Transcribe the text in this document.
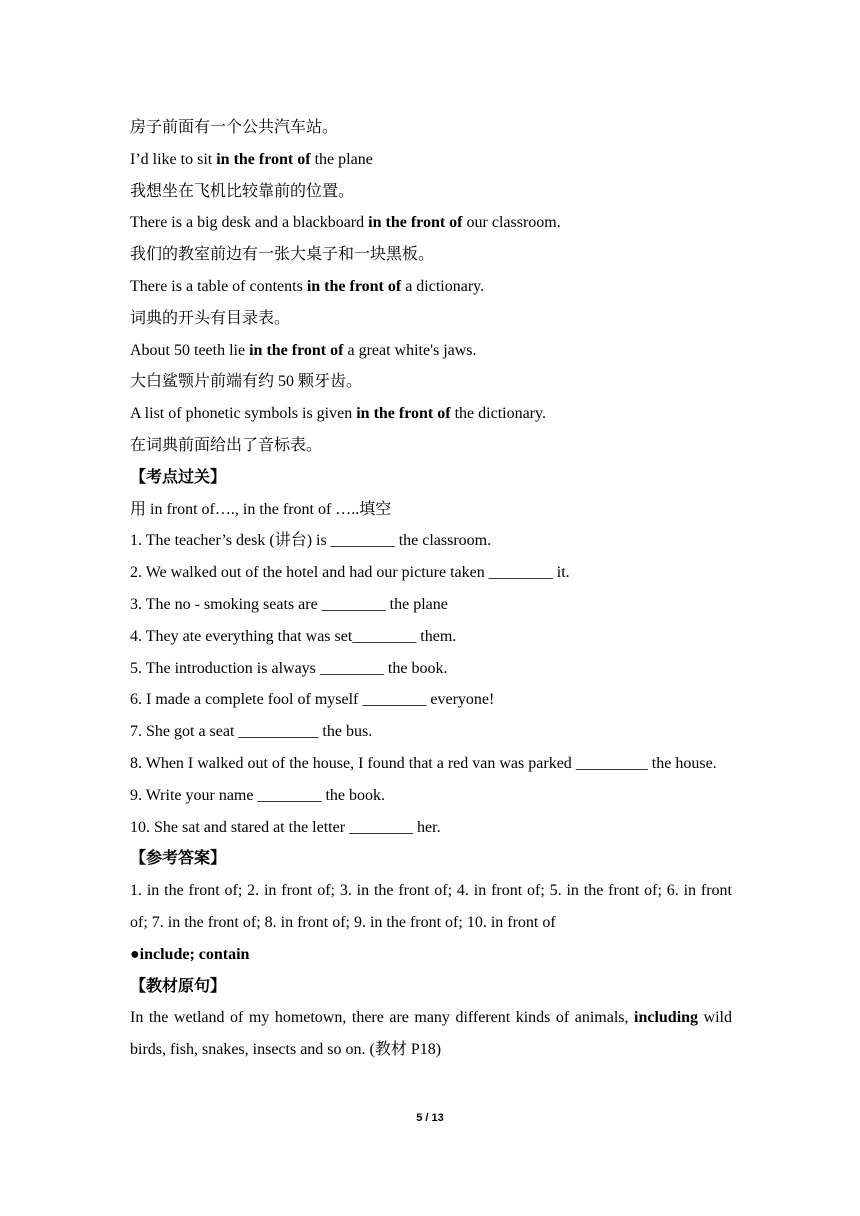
房子前面有一个公共汽车站。
I’d like to sit in the front of the plane
我想坐在飞机比较靠前的位置。
There is a big desk and a blackboard in the front of our classroom.
我们的教室前边有一张大桌子和一块黑板。
There is a table of contents in the front of a dictionary.
词典的开头有目录表。
About 50 teeth lie in the front of a great white's jaws.
大白鲨颚片前端有约 50 颗牙齿。
A list of phonetic symbols is given in the front of the dictionary.
在词典前面给出了音标表。
【考点过关】
用 in front of…., in the front of …..填空
1. The teacher’s desk (讲台) is ________ the classroom.
2. We walked out of the hotel and had our picture taken ________ it.
3. The no - smoking seats are ________ the plane
4. They ate everything that was set________ them.
5. The introduction is always ________ the book.
6. I made a complete fool of myself ________ everyone!
7. She got a seat __________ the bus.
8. When I walked out of the house, I found that a red van was parked _________ the house.
9. Write your name ________ the book.
10. She sat and stared at the letter ________ her.
【参考答案】
1. in the front of; 2. in front of; 3. in the front of; 4. in front of; 5. in the front of; 6. in front of; 7. in the front of; 8. in front of; 9. in the front of; 10. in front of
●include; contain
【教材原句】
In the wetland of my hometown, there are many different kinds of animals, including wild birds, fish, snakes, insects and so on. (教材 P18)
5 / 13
